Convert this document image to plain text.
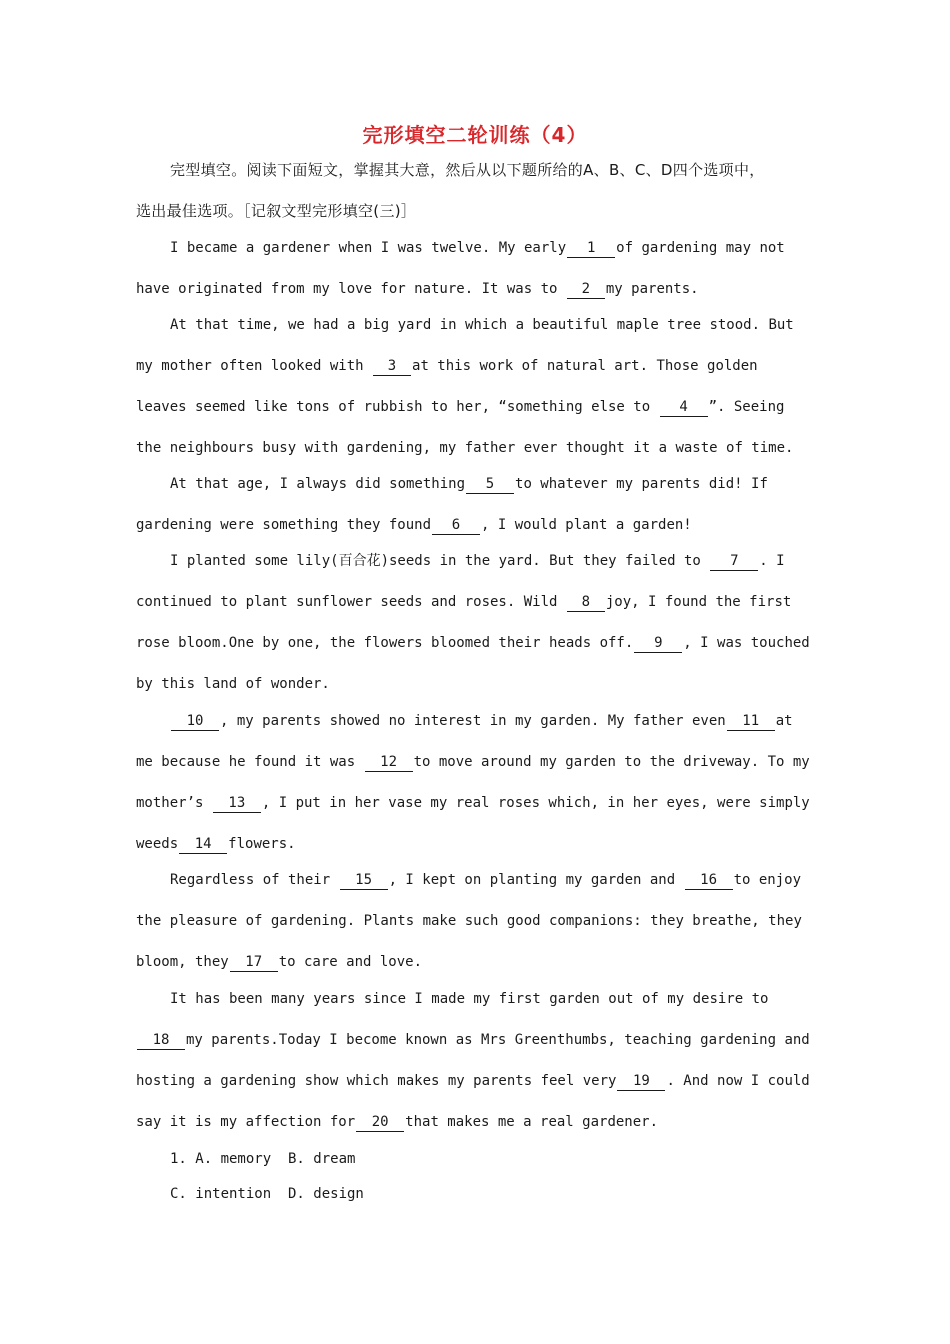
完形填空二轮训练（4）
完型填空。阅读下面短文，掌握其大意，然后从以下题所给的A、B、C、D四个选项中，
选出最佳选项。［记叙文型完形填空(三)］
I became a gardener when I was twelve. My early 1 of gardening may not
have originated from my love for nature. It was to 2 my parents.
At that time, we had a big yard in which a beautiful maple tree stood. But
my mother often looked with 3 at this work of natural art. Those golden
leaves seemed like tons of rubbish to her, “something else to 4 ”. Seeing
the neighbours busy with gardening, my father ever thought it a waste of time.
At that age, I always did something 5 to whatever my parents did! If
gardening were something they found 6 , I would plant a garden!
I planted some lily(百合花)seeds in the yard. But they failed to 7 . I
continued to plant sunflower seeds and roses. Wild 8 joy, I found the first
rose bloom.One by one, the flowers bloomed their heads off. 9 , I was touched
by this land of wonder.
10 , my parents showed no interest in my garden. My father even 11 at
me because he found it was 12 to move around my garden to the driveway. To my
mother’s 13 , I put in her vase my real roses which, in her eyes, were simply
weeds 14 flowers.
Regardless of their 15 , I kept on planting my garden and 16 to enjoy
the pleasure of gardening. Plants make such good companions: they breathe, they
bloom, they 17 to care and love.
It has been many years since I made my first garden out of my desire to
18 my parents.Today I become known as Mrs Greenthumbs, teaching gardening and
hosting a gardening show which makes my parents feel very 19 . And now I could
say it is my affection for 20 that makes me a real gardener.
1. A. memory  B. dream
C. intention  D. design
